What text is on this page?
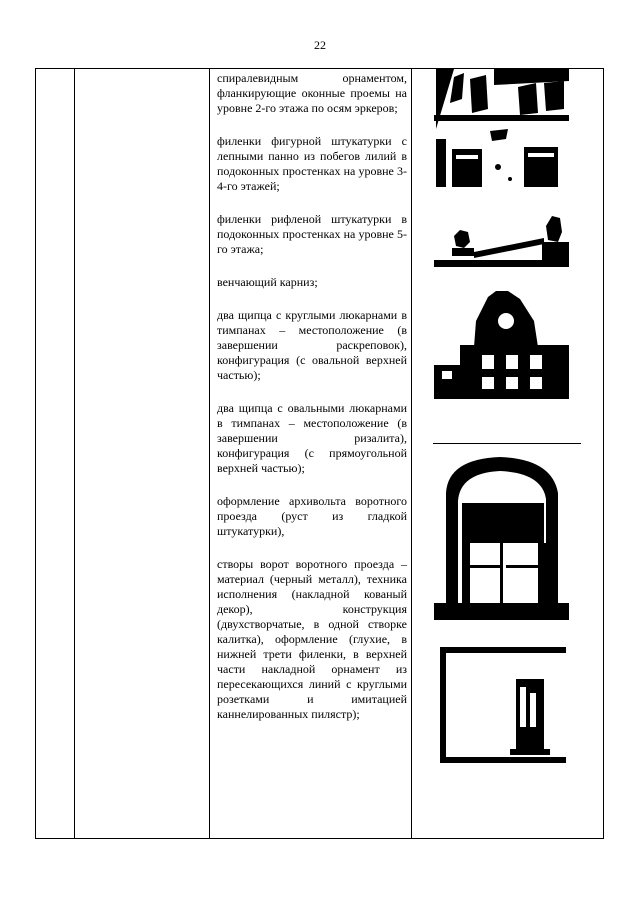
22

спиралевидным орнаментом, фланкирующие оконные проемы на уровне 2-го этажа по осям эркеров;

филенки фигурной штукатурки с лепными панно из побегов лилий в подоконных простенках на уровне 3-4-го этажей;

филенки рифленой штукатурки в подоконных простенках на уровне 5-го этажа;

венчающий карниз;

два щипца с круглыми люкарнами в тимпанах – местоположение (в завершении раскреповок), конфигурация (с овальной верхней частью);

два щипца с овальными люкарнами в тимпанах – местоположение (в завершении ризалита), конфигурация (с прямоугольной верхней частью);

оформление архивольта воротного проезда (руст из гладкой штукатурки),

створы ворот воротного проезда – материал (черный металл), техника исполнения (накладной кованый декор), конструкция (двухстворчатые, в одной створке калитка), оформление (глухие, в нижней трети филенки, в верхней части накладной орнамент из пересекающихся линий с круглыми розетками и имитацией каннелированных пилястр);
